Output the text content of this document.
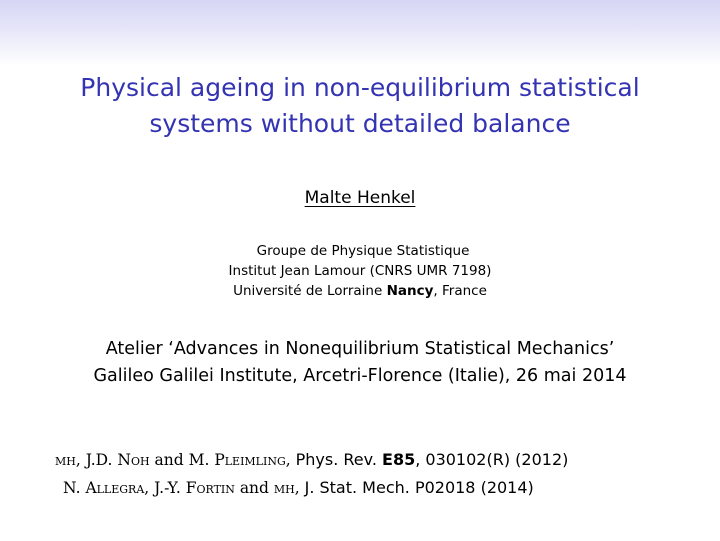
Physical ageing in non-equilibrium statistical
systems without detailed balance
Malte Henkel
Groupe de Physique Statistique
Institut Jean Lamour (CNRS UMR 7198)
Université de Lorraine Nancy, France
Atelier ‘Advances in Nonequilibrium Statistical Mechanics’
Galileo Galilei Institute, Arcetri-Florence (Italie), 26 mai 2014
mh, J.D. Noh and M. Pleimling, Phys. Rev. E85, 030102(R) (2012)
N. Allegra, J.-Y. Fortin and mh, J. Stat. Mech. P02018 (2014)
